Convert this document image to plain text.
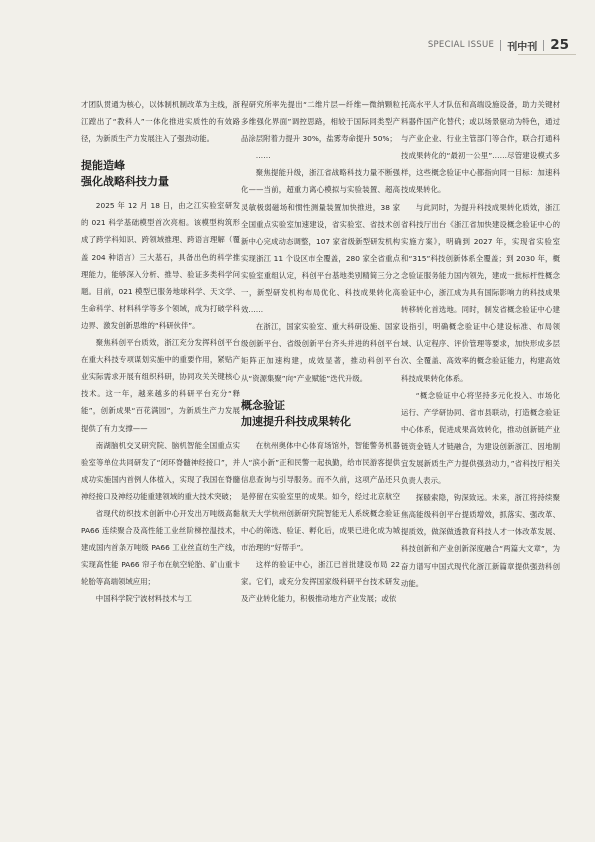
SPECIAL ISSUE 刊中刊 25

才团队贯通为核心，以体制机制改革为主线，浙江蹚出了“教科人”一体化推进实质性的有效路径，为新质生产力发展注入了强劲动能。

提能造峰
强化战略科技力量

2025 年 12 月 18 日，由之江实验室研发的 021 科学基础模型首次亮相。该模型构筑形成了跨学科知识、跨领域推理、跨语言理解（覆盖 204 种语言）三大基石，具备出色的科学推理能力，能够深入分析、推导、验证多类科学问题。目前，021 模型已服务地球科学、天文学、生命科学、材料科学等多个领域，成为打破学科边界、激发创新思维的“科研伙伴”。

聚焦科创平台质效，浙江充分发挥科创平台在重大科技专项谋划实施中的重要作用，紧贴产业实际需求开展有组织科研，协同攻关关键核心技术。这一年，越来越多的科研平台充分“释能”，创新成果“百花满园”，为新质生产力发展提供了有力支撑——

南湖脑机交叉研究院、脑机智能全国重点实验室等单位共同研发了“闭环脊髓神经接口”，并成功实施国内首例人体植入，实现了我国在脊髓神经接口及神经功能重建领域的重大技术突破；

省现代纺织技术创新中心开发出万吨级高黏 PA66 连续聚合及高性能工业丝阶梯控温技术，建成国内首条万吨级 PA66 工业丝直纺生产线，实现高性能 PA66 帘子布在航空轮胎、矿山重卡轮胎等高端领域应用；

中国科学院宁波材料技术与工

程研究所率先提出“二维片层—纤维—微纳颗粒多维强化界面”调控思路，相较于国际同类型产品涂层附着力提升 30%，盐雾寿命提升 50%；

……

聚焦提能升级，浙江省战略科技力量不断强化——当前，超重力离心模拟与实验装置、超高灵敏极弱磁场和惯性测量装置加快推进，38 家全国重点实验室加速建设，省实验室、省技术创新中心完成动态调整，107 家省级新型研发机构实现浙江 11 个设区市全覆盖，280 家全省重点实验室重组认定，科创平台基地类别精简三分之一，新型研发机构布局优化、科技成果转化高效……

在浙江，国家实验室、重大科研设施、国家级创新平台、省级创新平台齐头并进的科创平台矩阵正加速构建，成效显著，推动科创平台从“资源集聚”向“产业赋能”迭代升级。

概念验证
加速提升科技成果转化

在杭州奥体中心体育场馆外，智能警务机器人“滨小新”正和民警一起执勤，给市民游客提供信息查询与引导服务。而不久前，这项产品还只是停留在实验室里的成果。如今，经过北京航空航天大学杭州创新研究院智能无人系统概念验证中心的筛选、验证、孵化后，成果已进化成为城市治理的“好帮手”。

这样的验证中心，浙江已首批建设布局 22 家。它们，或充分发挥国家级科研平台技术研发及产业转化能力，积极推动地方产业发展；或依

托高水平人才队伍和高端设施设备，助力关键材料器件国产化替代；或以场景驱动为特色，通过与产业企业、行业主管部门等合作，联合打通科技成果转化的“最初一公里”……尽管建设模式多样，这些概念验证中心都指向同一目标：加速科技成果转化。

与此同时，为提升科技成果转化质效，浙江省科技厅出台《浙江省加快建设概念验证中心的实施方案》，明确到 2027 年，实现省实验室和“315”科技创新体系全覆盖；到 2030 年，概念验证服务能力国内领先，建成一批标杆性概念验证中心，浙江成为具有国际影响力的科技成果转移转化首选地。同时，制发省概念验证中心建设指引，明确概念验证中心建设标准、布局领域、认定程序、评价管理等要求，加快形成多层次、全覆盖、高效率的概念验证能力，构建高效科技成果转化体系。

“概念验证中心将坚持多元化投入、市场化运行、产学研协同、省市县联动，打造概念验证中心体系，促进成果高效转化，推动创新链产业链资金链人才链融合，为建设创新浙江、因地制宜发展新质生产力提供强劲动力，”省科技厅相关负责人表示。

探赜索隐，钩深致远。未来，浙江将持续聚焦高能级科创平台提质增效，抓落实、强改革、提质效，做深做透教育科技人才一体改革发展、科技创新和产业创新深度融合“两篇大文章”，为奋力谱写中国式现代化浙江新篇章提供强劲科创动能。
